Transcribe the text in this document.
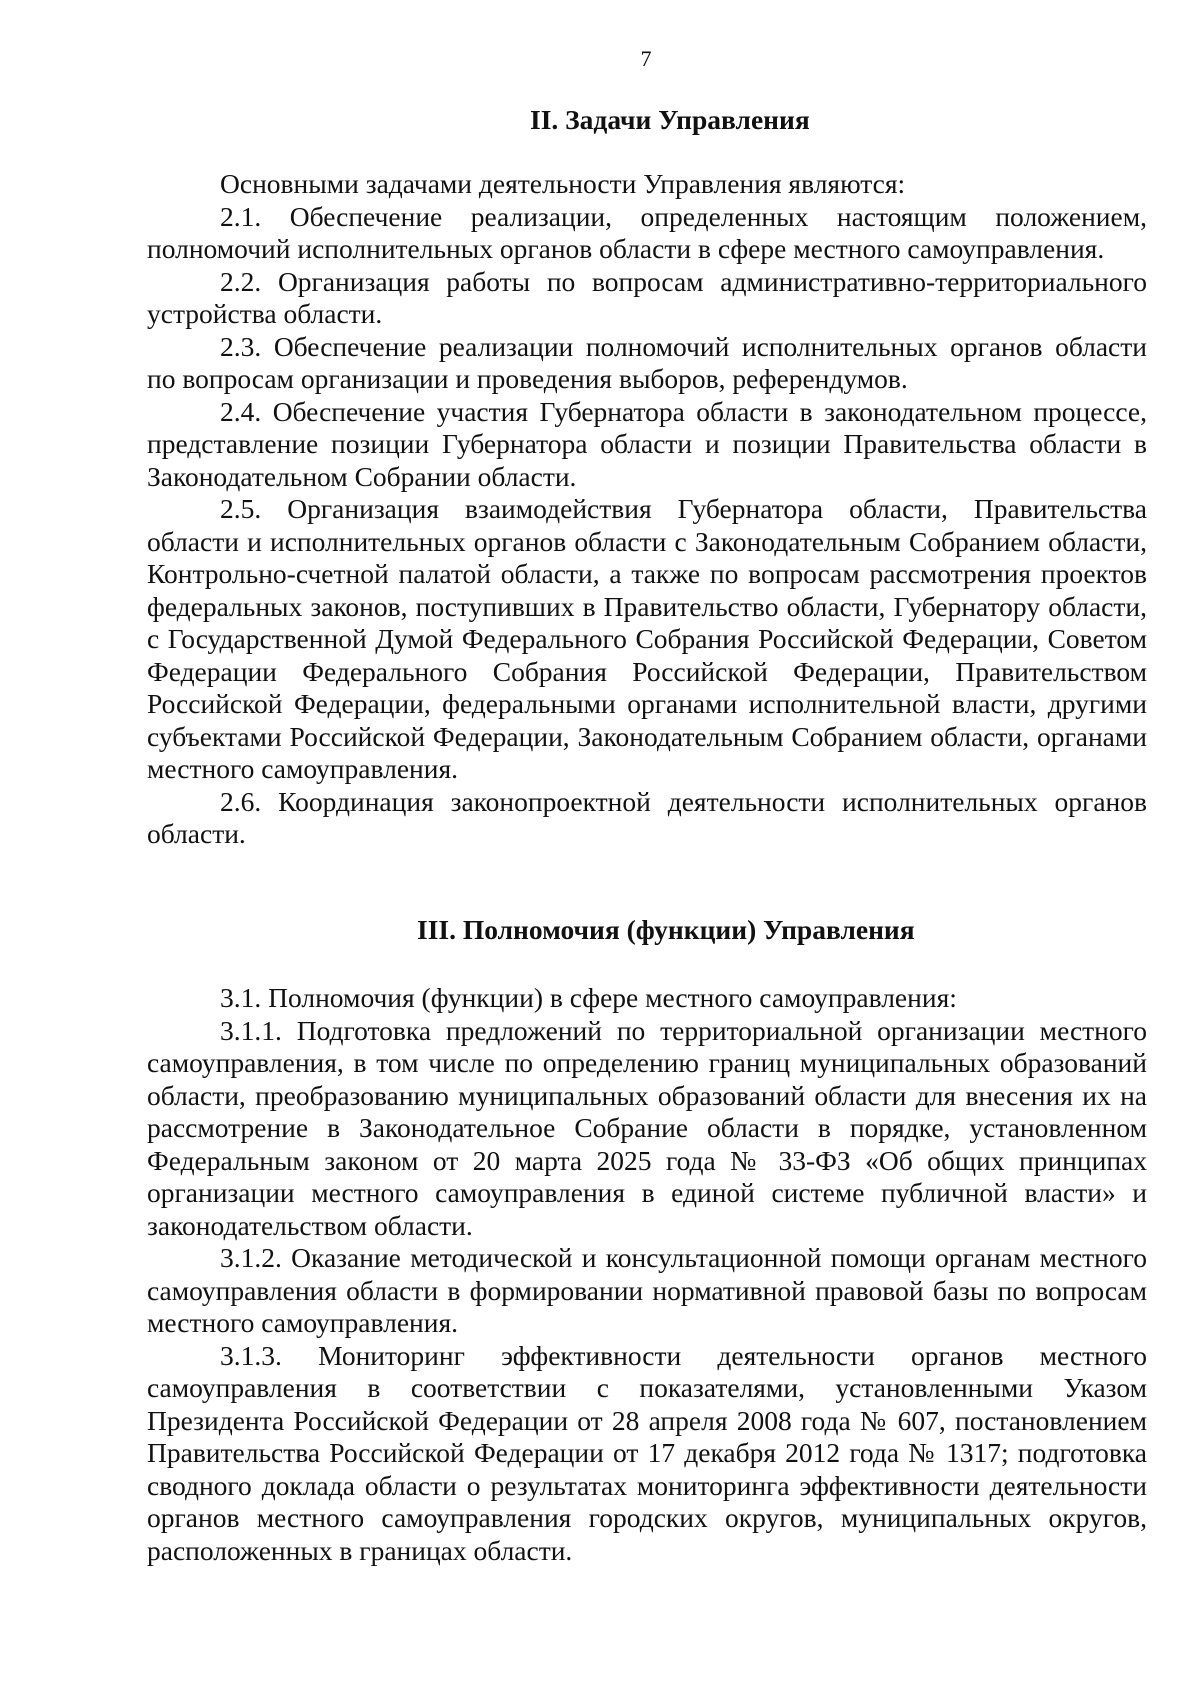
7
II. Задачи Управления

Основными задачами деятельности Управления являются:

2.1. Обеспечение реализации, определенных настоящим положением, полномочий исполнительных органов области в сфере местного самоуправления.

2.2. Организация работы по вопросам административно-территориального устройства области.

2.3. Обеспечение реализации полномочий исполнительных органов области по вопросам организации и проведения выборов, референдумов.

2.4. Обеспечение участия Губернатора области в законодательном процессе, представление позиции Губернатора области и позиции Правительства области в Законодательном Собрании области.

2.5. Организация взаимодействия Губернатора области, Правительства области и исполнительных органов области с Законодательным Собранием области, Контрольно-счетной палатой области, а также по вопросам рассмотрения проектов федеральных законов, поступивших в Правительство области, Губернатору области, с Государственной Думой Федерального Собрания Российской Федерации, Советом Федерации Федерального Собрания Российской Федерации, Правительством Российской Федерации, федеральными органами исполнительной власти, другими субъектами Российской Федерации, Законодательным Собранием области, органами местного самоуправления.

2.6. Координация законопроектной деятельности исполнительных органов области.

III. Полномочия (функции) Управления

3.1. Полномочия (функции) в сфере местного самоуправления:

3.1.1. Подготовка предложений по территориальной организации местного самоуправления, в том числе по определению границ муниципальных образований области, преобразованию муниципальных образований области для внесения их на рассмотрение в Законодательное Собрание области в порядке, установленном Федеральным законом от 20 марта 2025 года № 33-ФЗ «Об общих принципах организации местного самоуправления в единой системе публичной власти» и законодательством области.

3.1.2. Оказание методической и консультационной помощи органам местного самоуправления области в формировании нормативной правовой базы по вопросам местного самоуправления.

3.1.3. Мониторинг эффективности деятельности органов местного самоуправления в соответствии с показателями, установленными Указом Президента Российской Федерации от 28 апреля 2008 года № 607, постановлением Правительства Российской Федерации от 17 декабря 2012 года № 1317; подготовка сводного доклада области о результатах мониторинга эффективности деятельности органов местного самоуправления городских округов, муниципальных округов, расположенных в границах области.
